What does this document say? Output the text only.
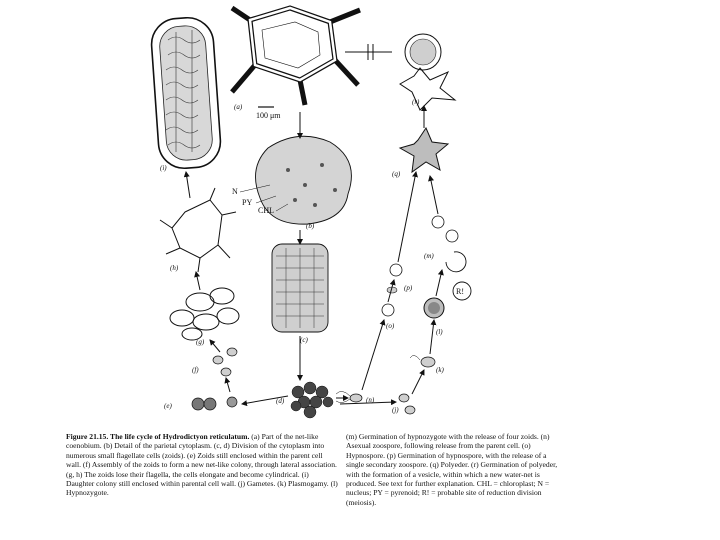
(i)
(a)
100 μm
(r)
(b)
N
PY
CHL
(c)
(h)
(g)
(f)
(e)
(d)	(n)
(o)
(p)
(q)
(m)
R!
(l)
(k)
(j)

Figure 21.15. The life cycle of Hydrodictyon reticulatum. (a) Part of the net-like coenobium. (b) Detail of the parietal cytoplasm. (c, d) Division of the cytoplasm into numerous small flagellate cells (zoids). (e) Zoids still enclosed within the parent cell wall. (f) Assembly of the zoids to form a new net-like colony, through lateral association. (g, h) The zoids lose their flagella, the cells elongate and become cylindrical. (i) Daughter colony still enclosed within parental cell wall. (j) Gametes. (k) Plasmogamy. (l) Hypnozygote.

(m) Germination of hypnozygote with the release of four zoids. (n) Asexual zoospore, following release from the parent cell. (o) Hypnospore. (p) Germination of hypnospore, with the release of a single secondary zoospore. (q) Polyeder. (r) Germination of polyeder, with the formation of a vesicle, within which a new water-net is produced. See text for further explanation. CHL = chloroplast; N = nucleus; PY = pyrenoid; R! = probable site of reduction division (meiosis).
